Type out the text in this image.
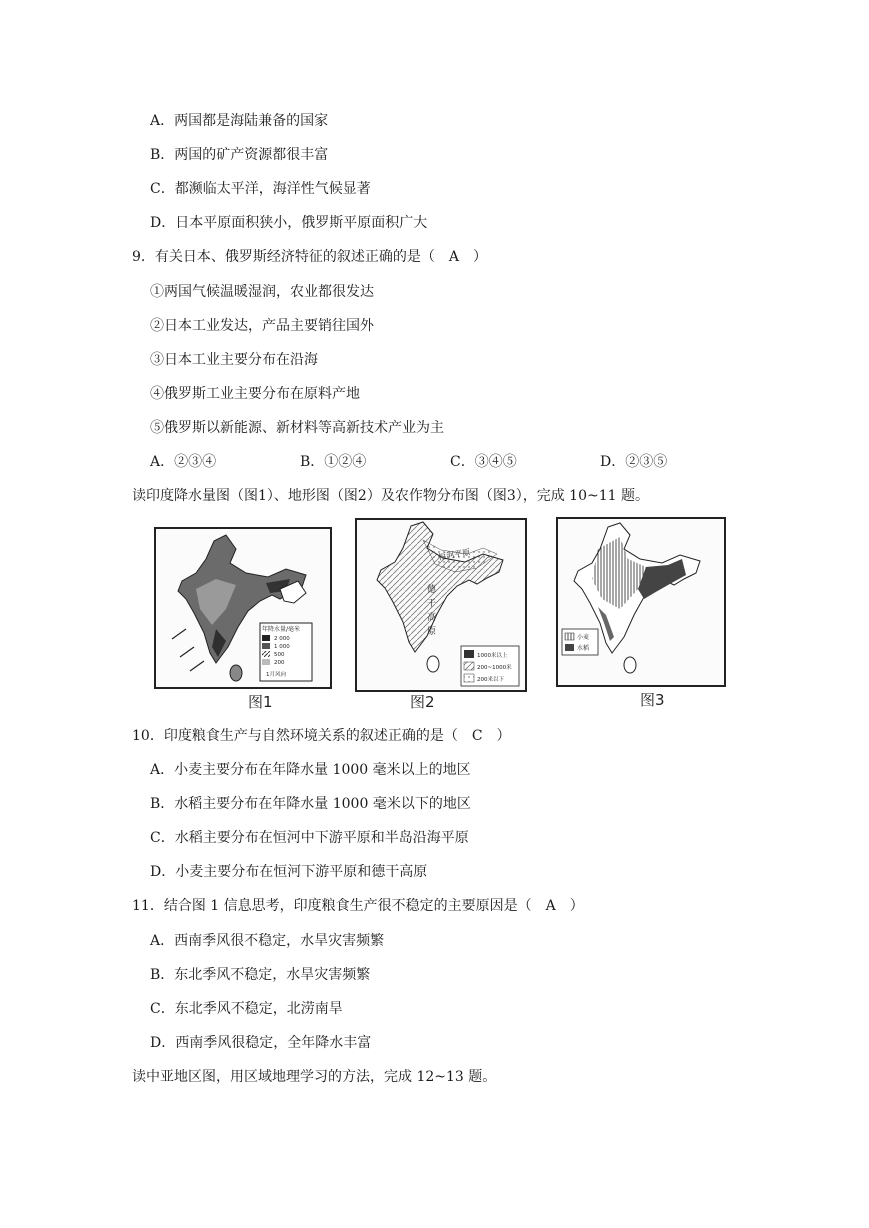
A．两国都是海陆兼备的国家
B．两国的矿产资源都很丰富
C．都濒临太平洋，海洋性气候显著
D．日本平原面积狭小，俄罗斯平原面积广大
9．有关日本、俄罗斯经济特征的叙述正确的是（　A　）
①两国气候温暖湿润，农业都很发达
②日本工业发达，产品主要销往国外
③日本工业主要分布在沿海
④俄罗斯工业主要分布在原料产地
⑤俄罗斯以新能源、新材料等高新技术产业为主
A．②③④	B．①②④	C．③④⑤	D．②③⑤
读印度降水量图（图1）、地形图（图2）及农作物分布图（图3），完成 10~11 题。
年降水量/毫米
2 000
1 000
500
200
1月风向
图1
恒河平原
德
干
高
原
1000米以上
200~1000米
200米以下
图2
小麦
水稻
图3
10．印度粮食生产与自然环境关系的叙述正确的是（　C　）
A．小麦主要分布在年降水量 1000 毫米以上的地区
B．水稻主要分布在年降水量 1000 毫米以下的地区
C．水稻主要分布在恒河中下游平原和半岛沿海平原
D．小麦主要分布在恒河下游平原和德干高原
11．结合图 1 信息思考，印度粮食生产很不稳定的主要原因是（　A　）
A．西南季风很不稳定，水旱灾害频繁
B．东北季风不稳定，水旱灾害频繁
C．东北季风不稳定，北涝南旱
D．西南季风很稳定，全年降水丰富
读中亚地区图，用区域地理学习的方法，完成 12~13 题。
